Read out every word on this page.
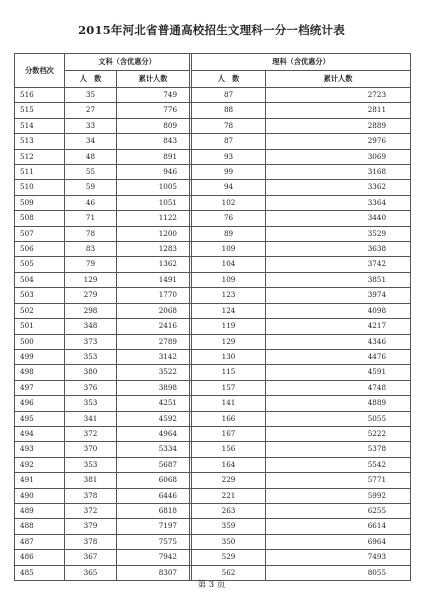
2015年河北省普通高校招生文理科一分一档统计表
分数档次	文科（含优惠分）			理科（含优惠分）	
	人　数	累计人数		人　数	累计人数
516	35	749		87	2723
515	27	776		88	2811
514	33	809		78	2889
513	34	843		87	2976
512	48	891		93	3069
511	55	946		99	3168
510	59	1005		94	3362
509	46	1051		102	3364
508	71	1122		76	3440
507	78	1200		89	3529
506	83	1283		109	3638
505	79	1362		104	3742
504	129	1491		109	3851
503	279	1770		123	3974
502	298	2068		124	4098
501	348	2416		119	4217
500	373	2789		129	4346
499	353	3142		130	4476
498	380	3522		115	4591
497	376	3898		157	4748
496	353	4251		141	4889
495	341	4592		166	5055
494	372	4964		167	5222
493	370	5334		156	5378
492	353	5687		164	5542
491	381	6068		229	5771
490	378	6446		221	5992
489	372	6818		263	6255
488	379	7197		359	6614
487	378	7575		350	6964
486	367	7942		529	7493
485	365	8307		562	8055

第 3 页
